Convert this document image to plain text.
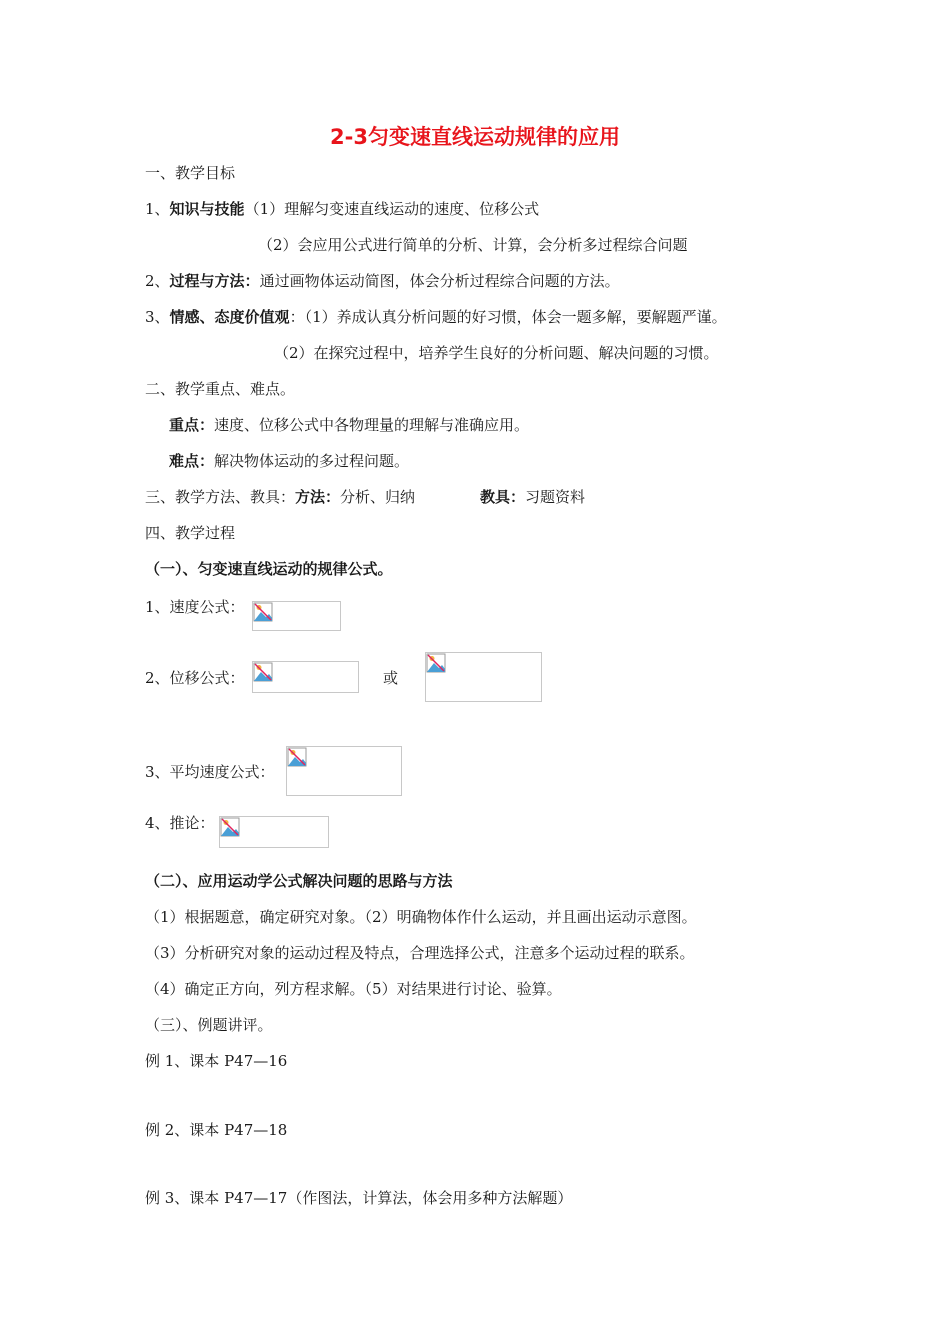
2-3匀变速直线运动规律的应用
一、教学目标
1、知识与技能（1）理解匀变速直线运动的速度、位移公式
（2）会应用公式进行简单的分析、计算，会分析多过程综合问题
2、过程与方法：通过画物体运动简图，体会分析过程综合问题的方法。
3、情感、态度价值观：（1）养成认真分析问题的好习惯，体会一题多解，要解题严谨。
（2）在探究过程中，培养学生良好的分析问题、解决问题的习惯。
二、教学重点、难点。
重点：速度、位移公式中各物理量的理解与准确应用。
难点：解决物体运动的多过程问题。
三、教学方法、教具：方法：分析、归纳	教具：习题资料
四、教学过程
（一）、匀变速直线运动的规律公式。
1、速度公式：
2、位移公式：	或
3、平均速度公式：
4、推论：
（二）、应用运动学公式解决问题的思路与方法
（1）根据题意，确定研究对象。（2）明确物体作什么运动，并且画出运动示意图。
（3）分析研究对象的运动过程及特点，合理选择公式，注意多个运动过程的联系。
（4）确定正方向，列方程求解。（5）对结果进行讨论、验算。
（三）、例题讲评。
例 1、课本 P47—16
例 2、课本 P47—18
例 3、课本 P47—17（作图法，计算法，体会用多种方法解题）
